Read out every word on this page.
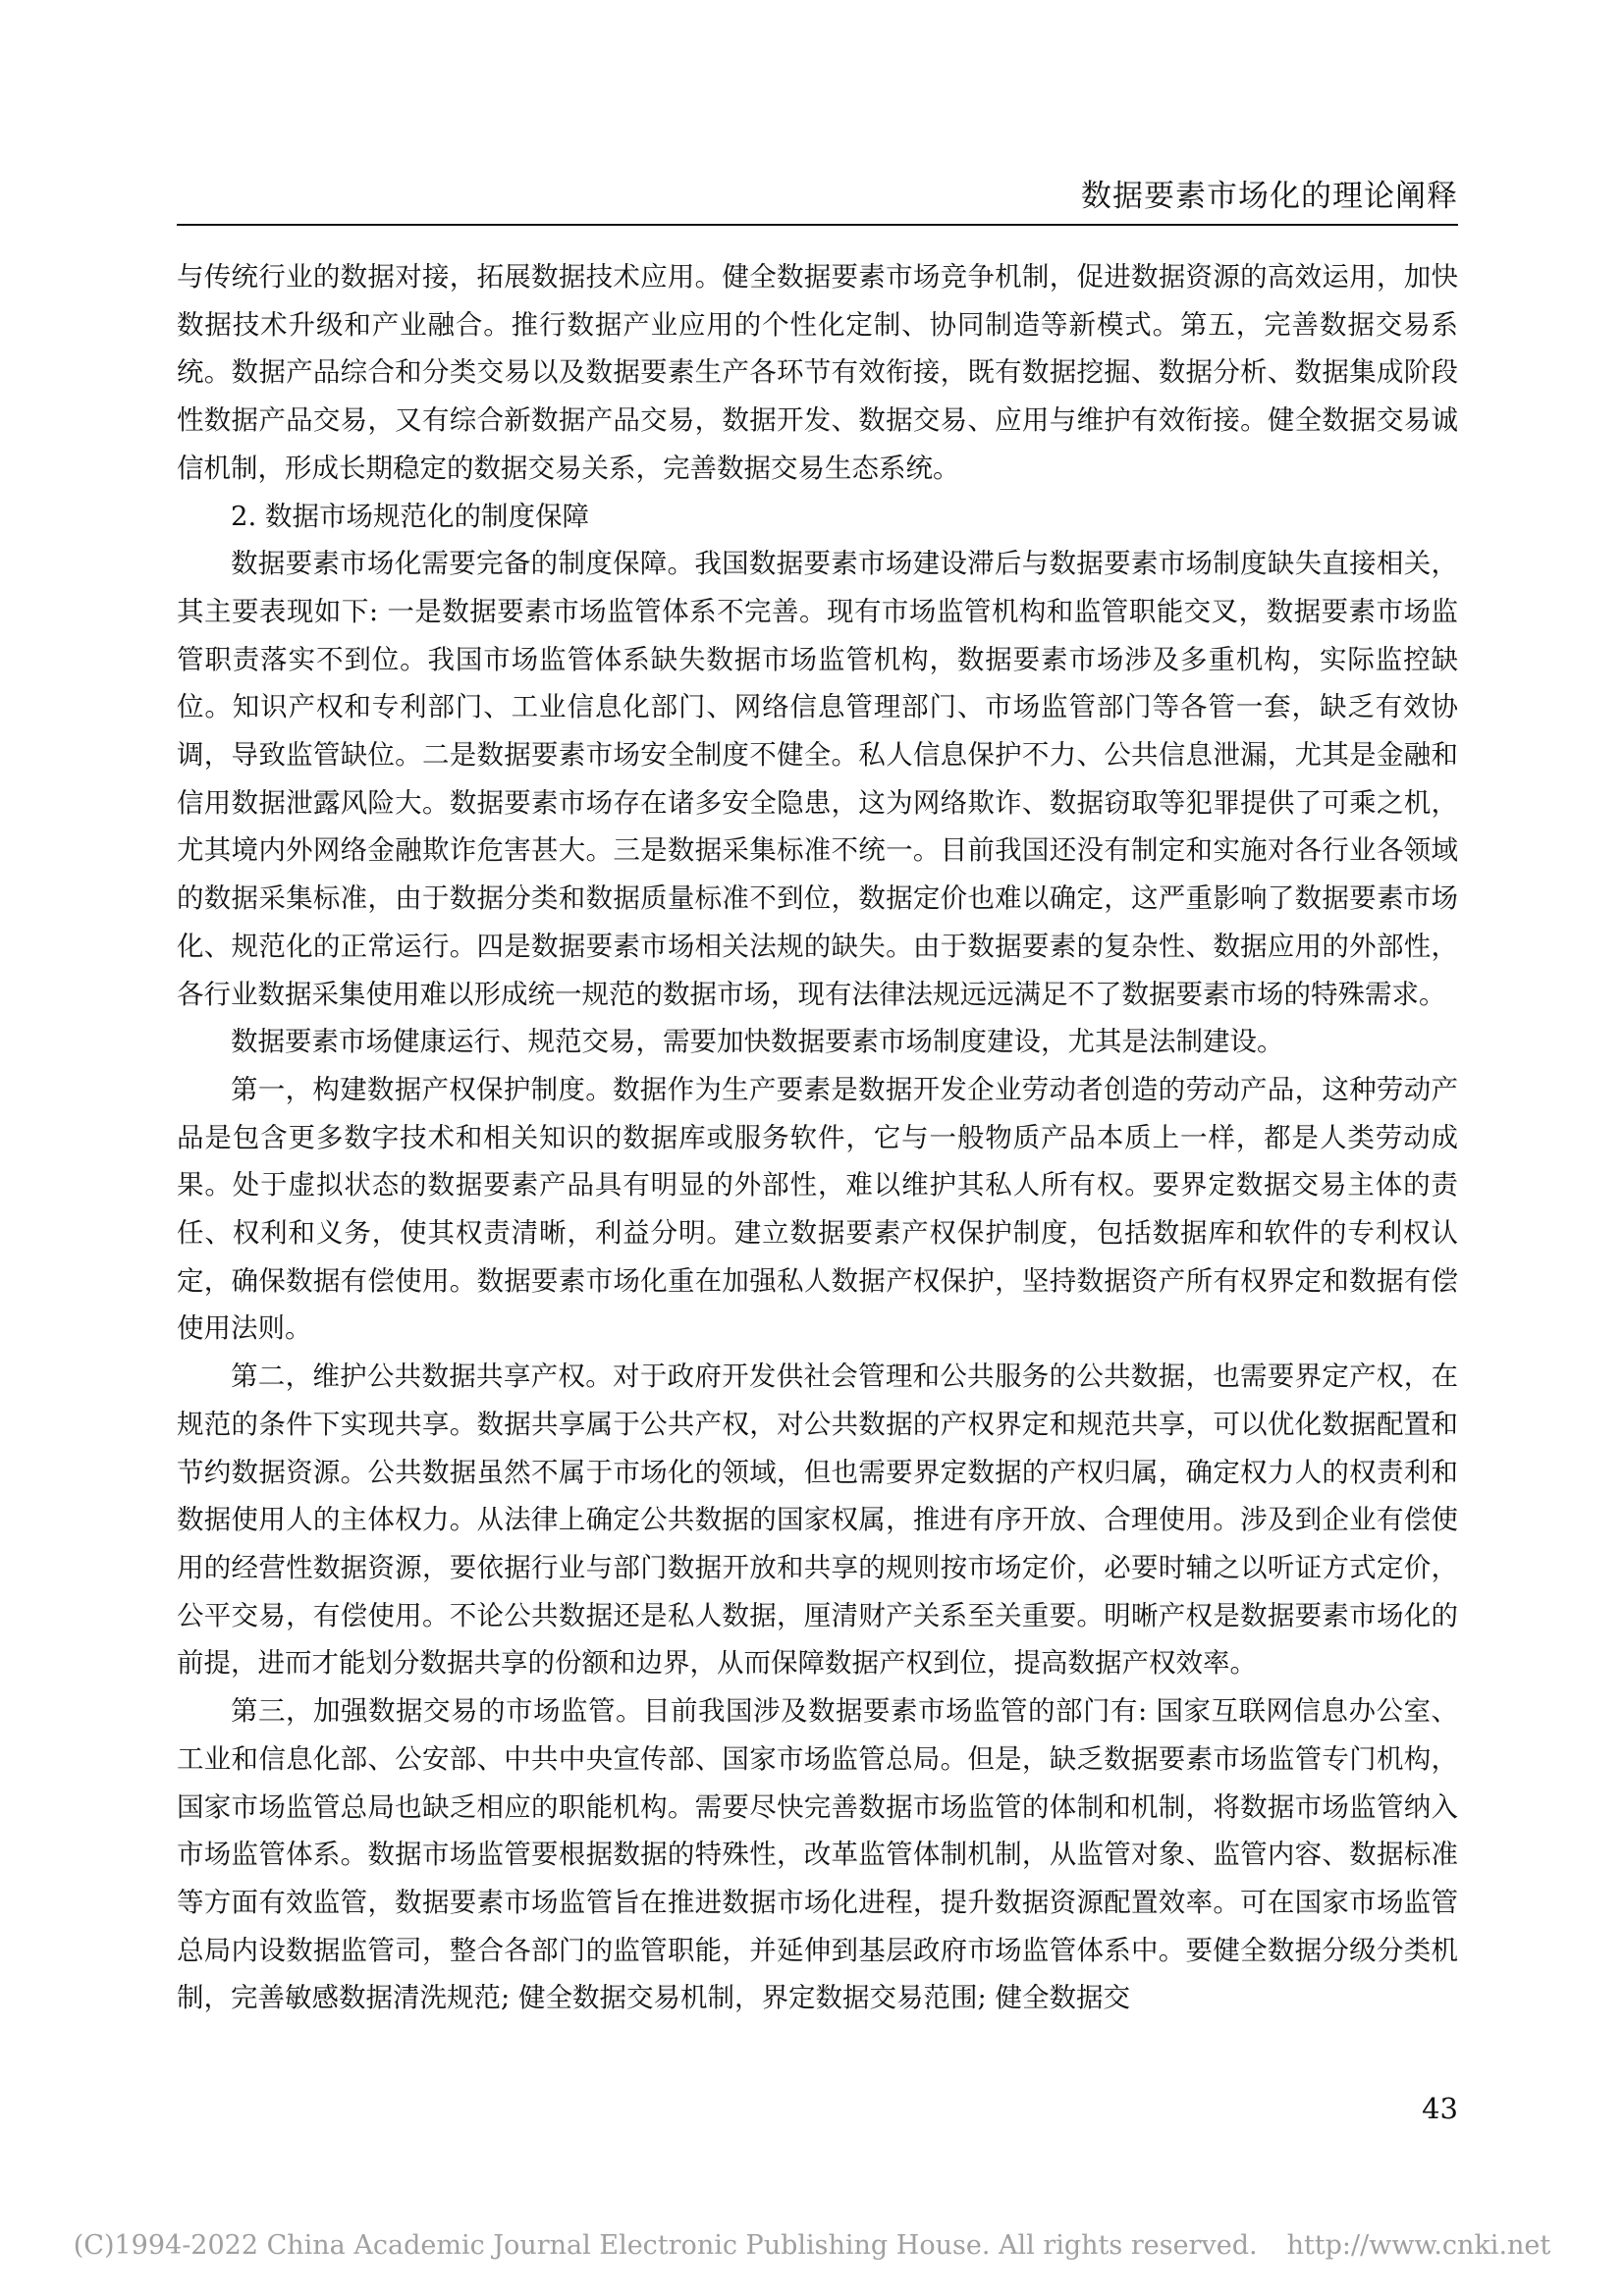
数据要素市场化的理论阐释

与传统行业的数据对接，拓展数据技术应用。健全数据要素市场竞争机制，促进数据资源的高效运用，加快数据技术升级和产业融合。推行数据产业应用的个性化定制、协同制造等新模式。第五，完善数据交易系统。数据产品综合和分类交易以及数据要素生产各环节有效衔接，既有数据挖掘、数据分析、数据集成阶段性数据产品交易，又有综合新数据产品交易，数据开发、数据交易、应用与维护有效衔接。健全数据交易诚信机制，形成长期稳定的数据交易关系，完善数据交易生态系统。

2. 数据市场规范化的制度保障

数据要素市场化需要完备的制度保障。我国数据要素市场建设滞后与数据要素市场制度缺失直接相关，其主要表现如下: 一是数据要素市场监管体系不完善。现有市场监管机构和监管职能交叉，数据要素市场监管职责落实不到位。我国市场监管体系缺失数据市场监管机构，数据要素市场涉及多重机构，实际监控缺位。知识产权和专利部门、工业信息化部门、网络信息管理部门、市场监管部门等各管一套，缺乏有效协调，导致监管缺位。二是数据要素市场安全制度不健全。私人信息保护不力、公共信息泄漏，尤其是金融和信用数据泄露风险大。数据要素市场存在诸多安全隐患，这为网络欺诈、数据窃取等犯罪提供了可乘之机，尤其境内外网络金融欺诈危害甚大。三是数据采集标准不统一。目前我国还没有制定和实施对各行业各领域的数据采集标准，由于数据分类和数据质量标准不到位，数据定价也难以确定，这严重影响了数据要素市场化、规范化的正常运行。四是数据要素市场相关法规的缺失。由于数据要素的复杂性、数据应用的外部性，各行业数据采集使用难以形成统一规范的数据市场，现有法律法规远远满足不了数据要素市场的特殊需求。

数据要素市场健康运行、规范交易，需要加快数据要素市场制度建设，尤其是法制建设。

第一，构建数据产权保护制度。数据作为生产要素是数据开发企业劳动者创造的劳动产品，这种劳动产品是包含更多数字技术和相关知识的数据库或服务软件，它与一般物质产品本质上一样，都是人类劳动成果。处于虚拟状态的数据要素产品具有明显的外部性，难以维护其私人所有权。要界定数据交易主体的责任、权利和义务，使其权责清晰，利益分明。建立数据要素产权保护制度，包括数据库和软件的专利权认定，确保数据有偿使用。数据要素市场化重在加强私人数据产权保护，坚持数据资产所有权界定和数据有偿使用法则。

第二，维护公共数据共享产权。对于政府开发供社会管理和公共服务的公共数据，也需要界定产权，在规范的条件下实现共享。数据共享属于公共产权，对公共数据的产权界定和规范共享，可以优化数据配置和节约数据资源。公共数据虽然不属于市场化的领域，但也需要界定数据的产权归属，确定权力人的权责利和数据使用人的主体权力。从法律上确定公共数据的国家权属，推进有序开放、合理使用。涉及到企业有偿使用的经营性数据资源，要依据行业与部门数据开放和共享的规则按市场定价，必要时辅之以听证方式定价，公平交易，有偿使用。不论公共数据还是私人数据，厘清财产关系至关重要。明晰产权是数据要素市场化的前提，进而才能划分数据共享的份额和边界，从而保障数据产权到位，提高数据产权效率。

第三，加强数据交易的市场监管。目前我国涉及数据要素市场监管的部门有: 国家互联网信息办公室、工业和信息化部、公安部、中共中央宣传部、国家市场监管总局。但是，缺乏数据要素市场监管专门机构，国家市场监管总局也缺乏相应的职能机构。需要尽快完善数据市场监管的体制和机制，将数据市场监管纳入市场监管体系。数据市场监管要根据数据的特殊性，改革监管体制机制，从监管对象、监管内容、数据标准等方面有效监管，数据要素市场监管旨在推进数据市场化进程，提升数据资源配置效率。可在国家市场监管总局内设数据监管司，整合各部门的监管职能，并延伸到基层政府市场监管体系中。要健全数据分级分类机制，完善敏感数据清洗规范; 健全数据交易机制，界定数据交易范围; 健全数据交

43
(C)1994-2022 China Academic Journal Electronic Publishing House. All rights reserved. http://www.cnki.net
